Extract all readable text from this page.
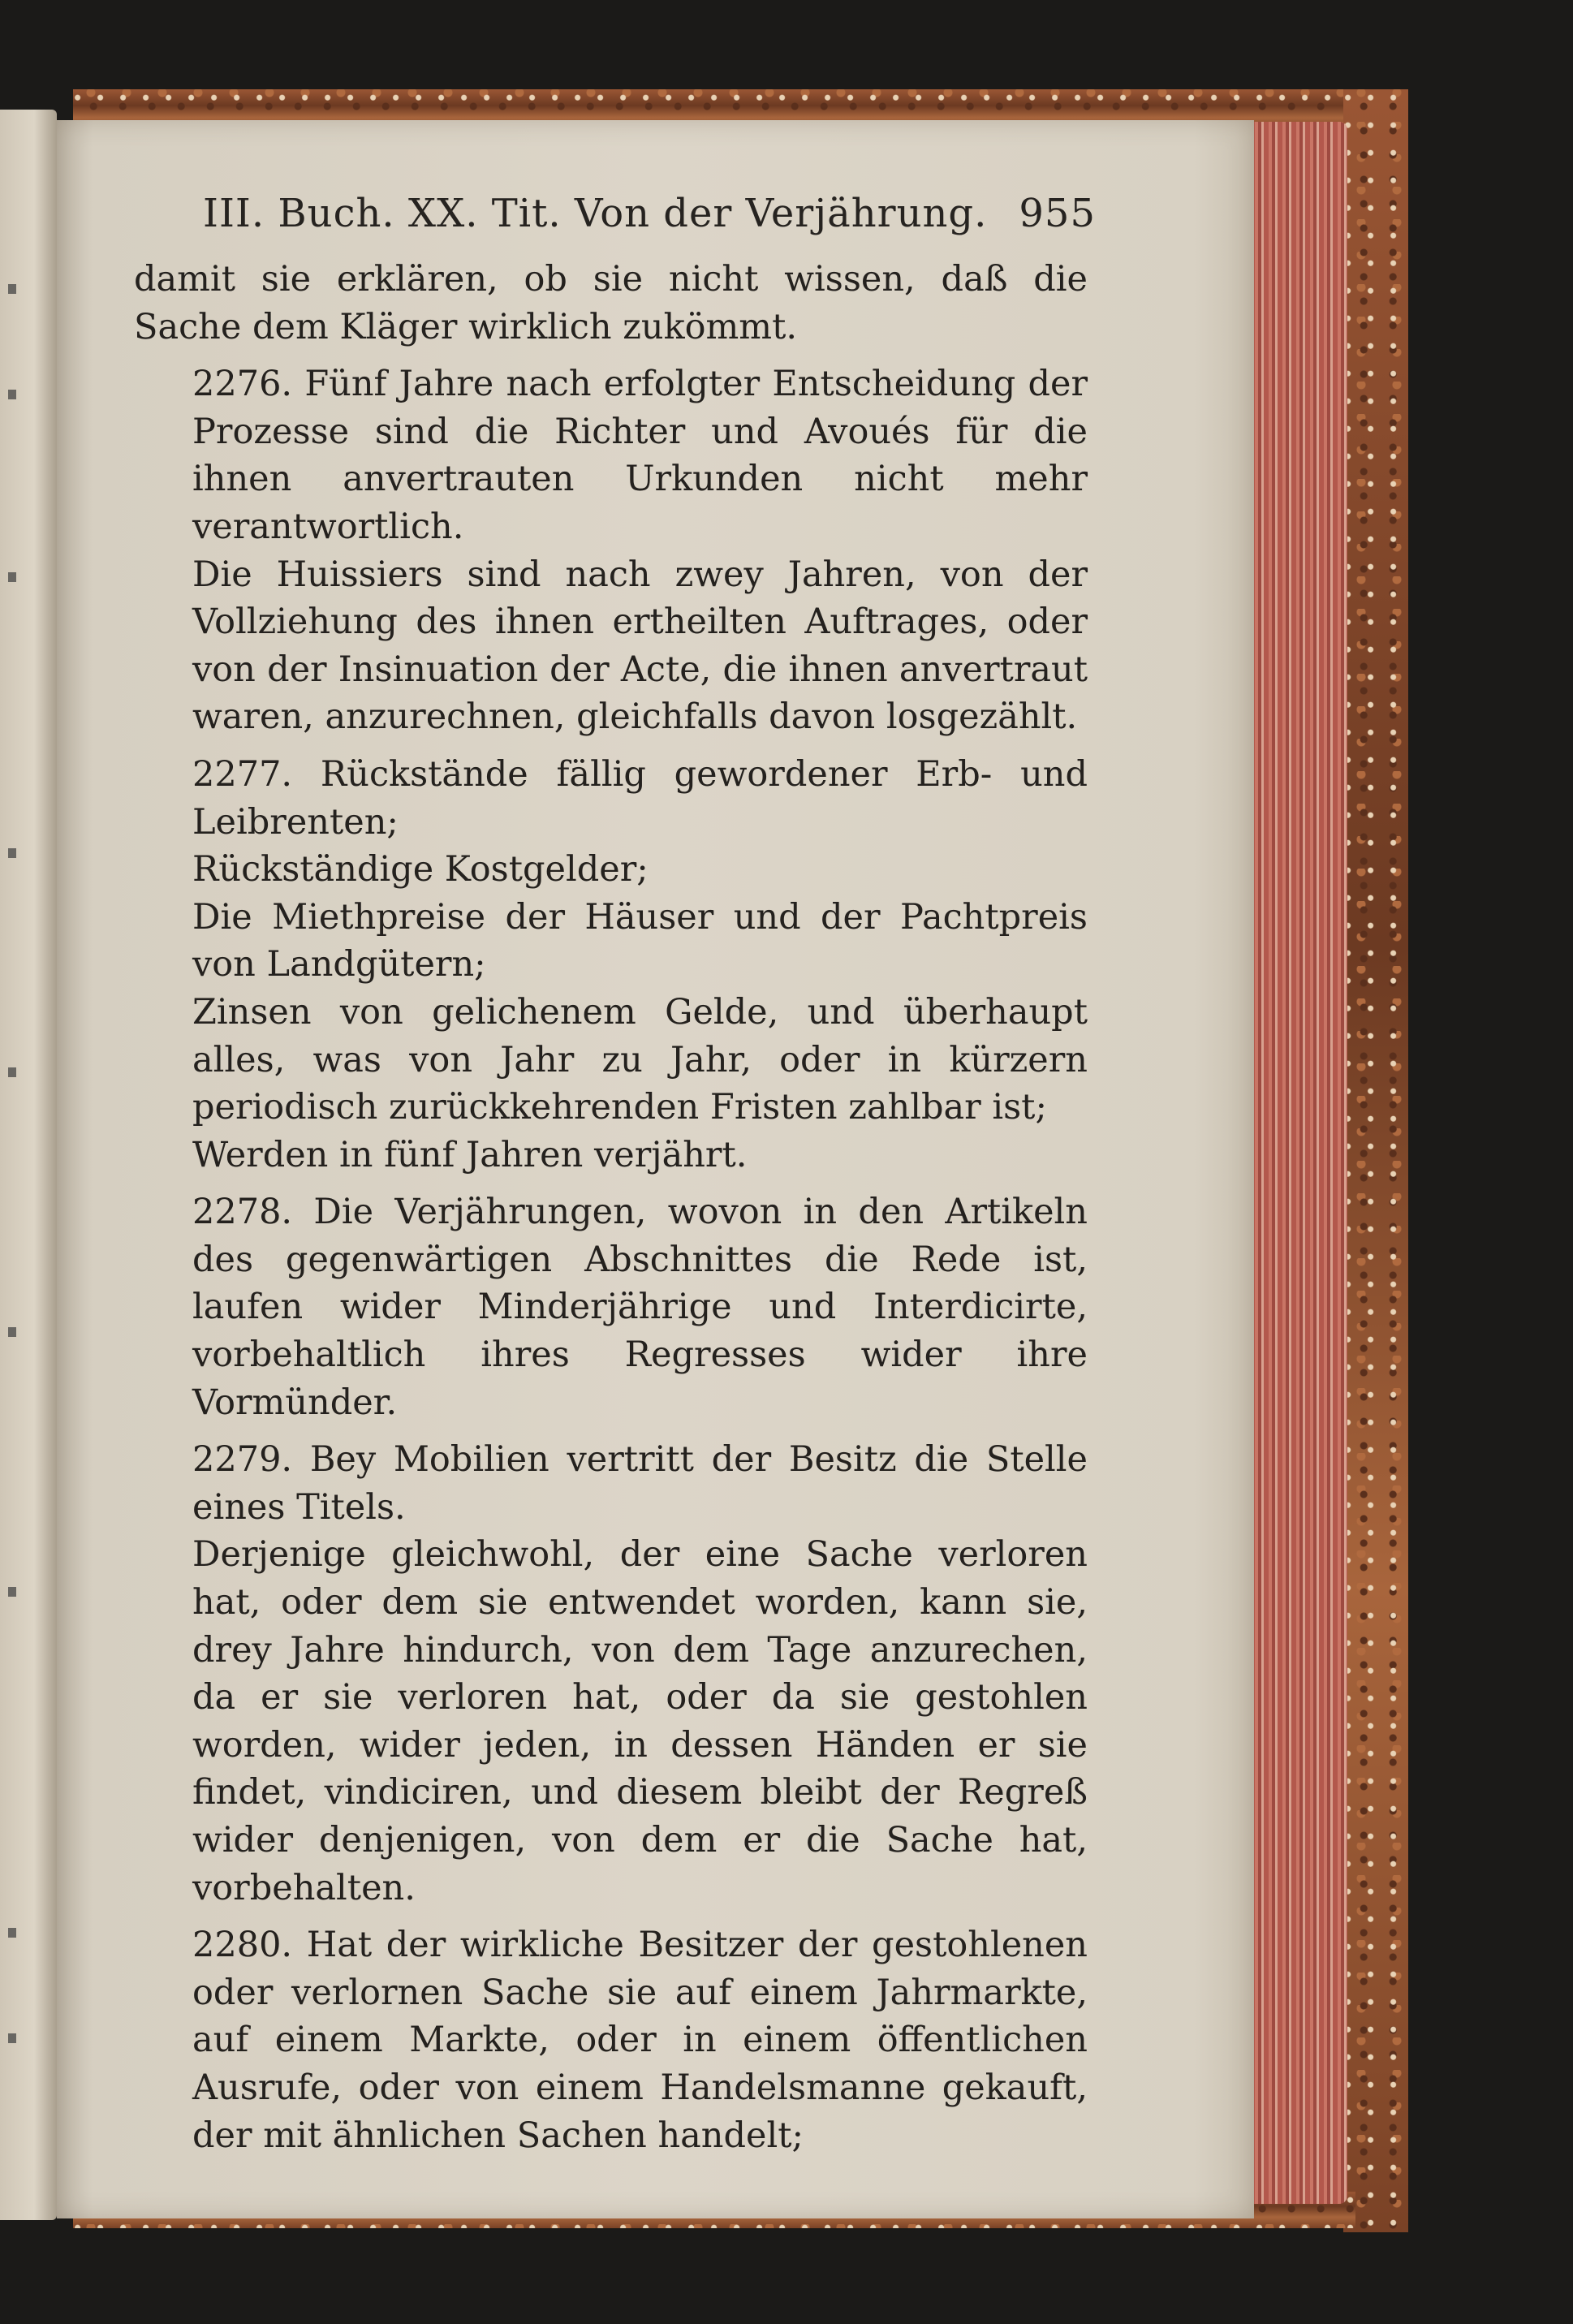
III. Buch. XX. Tit. Von der Verjährung. 955

damit sie erklären, ob sie nicht wissen, daß die Sache dem Kläger wirklich zukömmt.

2276. Fünf Jahre nach erfolgter Entscheidung der Prozesse sind die Richter und Avoués für die ihnen anvertrauten Urkunden nicht mehr verantwortlich.

Die Huissiers sind nach zwey Jahren, von der Vollziehung des ihnen ertheilten Auftrages, oder von der Insinuation der Acte, die ihnen anvertraut waren, anzurechnen, gleichfalls davon losgezählt.

2277. Rückstände fällig gewordener Erb- und Leibrenten;

Rückständige Kostgelder;

Die Miethpreise der Häuser und der Pachtpreis von Landgütern;

Zinsen von gelichenem Gelde, und überhaupt alles, was von Jahr zu Jahr, oder in kürzern periodisch zurückkehrenden Fristen zahlbar ist;

Werden in fünf Jahren verjährt.

2278. Die Verjährungen, wovon in den Artikeln des gegenwärtigen Abschnittes die Rede ist, laufen wider Minderjährige und Interdicirte, vorbehaltlich ihres Regresses wider ihre Vormünder.

2279. Bey Mobilien vertritt der Besitz die Stelle eines Titels.

Derjenige gleichwohl, der eine Sache verloren hat, oder dem sie entwendet worden, kann sie, drey Jahre hindurch, von dem Tage anzurechen, da er sie verloren hat, oder da sie gestohlen worden, wider jeden, in dessen Händen er sie findet, vindiciren, und diesem bleibt der Regreß wider denjenigen, von dem er die Sache hat, vorbehalten.

2280. Hat der wirkliche Besitzer der gestohlenen oder verlornen Sache sie auf einem Jahrmarkte, auf einem Markte, oder in einem öffentlichen Ausrufe, oder von einem Handelsmanne gekauft, der mit ähnlichen Sachen handelt;
